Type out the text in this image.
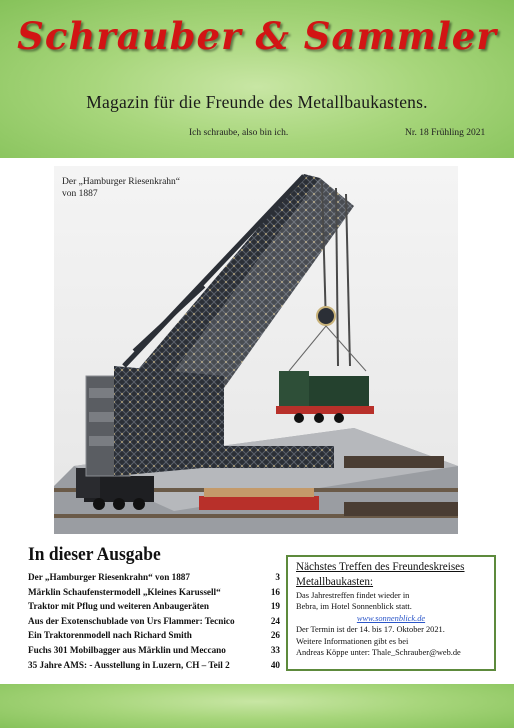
Schrauber & Sammler
Magazin für die Freunde des Metallbaukastens.
Ich schraube, also bin ich.	Nr. 18 Frühling 2021
Der „Hamburger Riesenkrahn“
von 1887
In dieser Ausgabe
Der „Hamburger Riesenkrahn“ von 1887	3
Märklin Schaufenstermodell „Kleines Karussell“	16
Traktor mit Pflug und weiteren Anbaugeräten	19
Aus der Exotenschublade von Urs Flammer: Tecnico	24
Ein Traktorenmodell nach Richard Smith	26
Fuchs 301 Mobilbagger aus Märklin und Meccano	33
35 Jahre AMS: - Ausstellung in Luzern, CH – Teil 2	40
Nächstes Treffen des Freundeskreises
Metallbaukasten:
Das Jahrestreffen findet wieder in
Bebra, im Hotel Sonnenblick statt.
www.sonnenblick.de
Der Termin ist der 14. bis 17. Oktober 2021.
Weitere Informationen gibt es bei
Andreas Köppe unter: Thale_Schrauber@web.de
